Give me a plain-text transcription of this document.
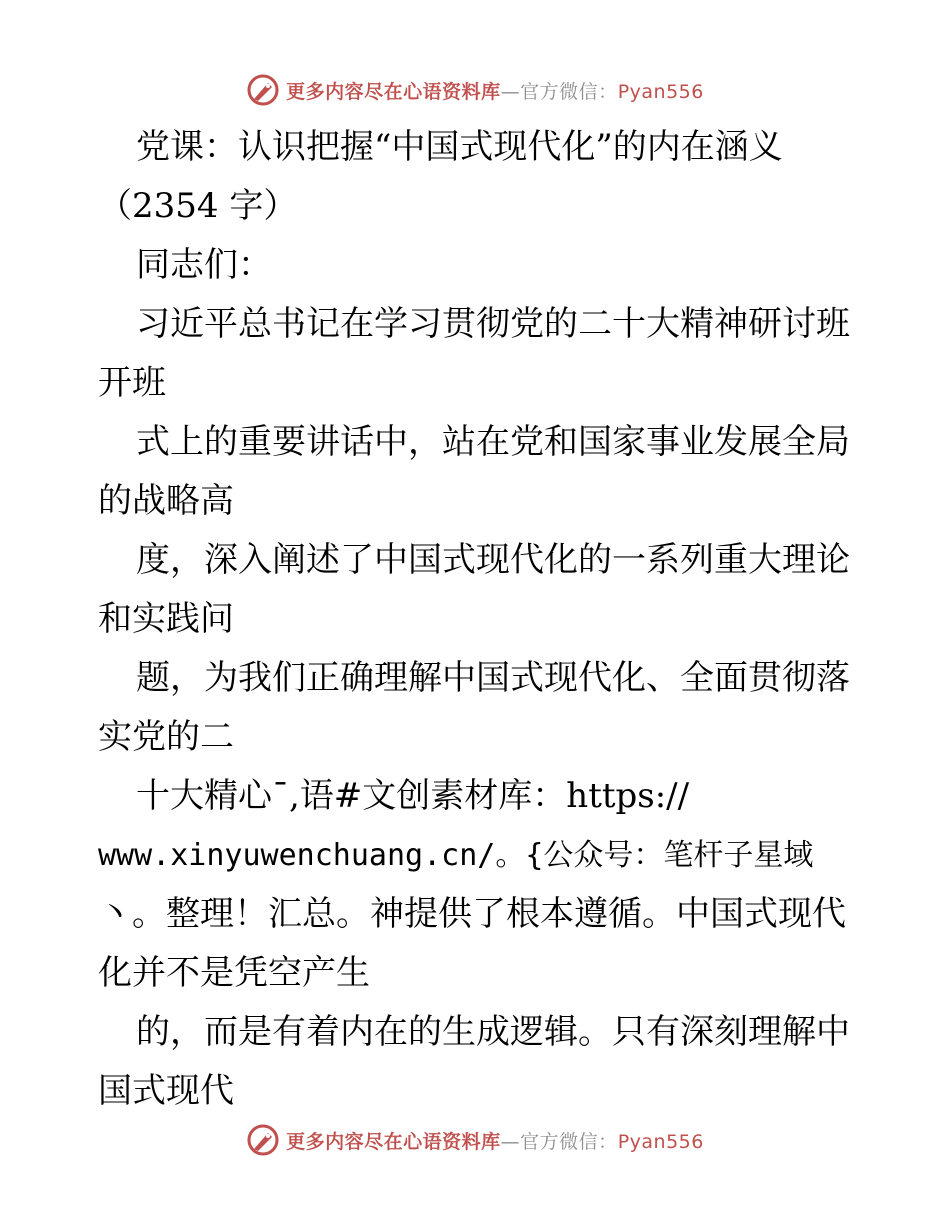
更多内容尽在心语资料库—官方微信：Pyan556
党课：认识把握“中国式现代化”的内在涵义
（2354 字）
同志们：
习近平总书记在学习贯彻党的二十大精神研讨班
开班
式上的重要讲话中，站在党和国家事业发展全局
的战略高
度，深入阐述了中国式现代化的一系列重大理论
和实践问
题，为我们正确理解中国式现代化、全面贯彻落
实党的二
十大精心¯,语#文创素材库：https://
www.xinyuwenchuang.cn/。{公众号：笔杆子星域
丶。整理！汇总。神提供了根本遵循。中国式现代
化并不是凭空产生
的，而是有着内在的生成逻辑。只有深刻理解中
国式现代
更多内容尽在心语资料库—官方微信：Pyan556
